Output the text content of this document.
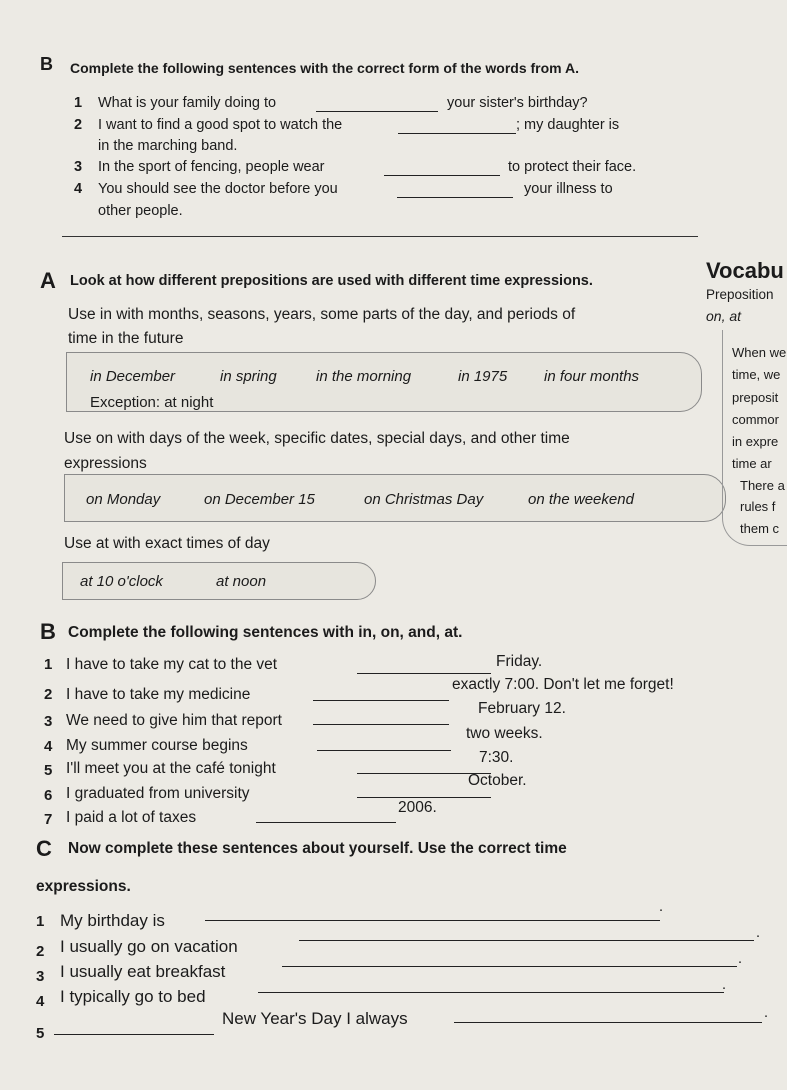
B Complete the following sentences with the correct form of the words from A.
1 What is your family doing to	your sister's birthday?
2 I want to find a good spot to watch the	; my daughter is
in the marching band.
3 In the sport of fencing, people wear	to protect their face.
4 You should see the doctor before you	your illness to
other people.
A Look at how different prepositions are used with different time expressions.
Use in with months, seasons, years, some parts of the day, and periods of
time in the future
in December	in spring	in the morning	in 1975 in four months
Exception: at night
Use on with days of the week, specific dates, special days, and other time
expressions
on Monday	on December 15	on Christmas Day	on the weekend
Use at with exact times of day
at 10 o'clock	at noon
Vocabu
Preposition
on, at
When we
time, we
preposit
commor
in expre
time ar
There a
rules f
them c
B Complete the following sentences with in, on, and, at.
1 I have to take my cat to the vet	Friday.
2 I have to take my medicine
exactly 7:00. Don't let me forget!
3 We need to give him that report
February 12.
4 My summer course begins
two weeks.
5 I'll meet you at the café tonight
7:30.
6 I graduated from university
October.
7 I paid a lot of taxes
2006.
C Now complete these sentences about yourself. Use the correct time
expressions.
1 My birthday is
.
2 I usually go on vacation
.
3 I usually eat breakfast
.
4 I typically go to bed
.
5
New Year's Day I always	.
